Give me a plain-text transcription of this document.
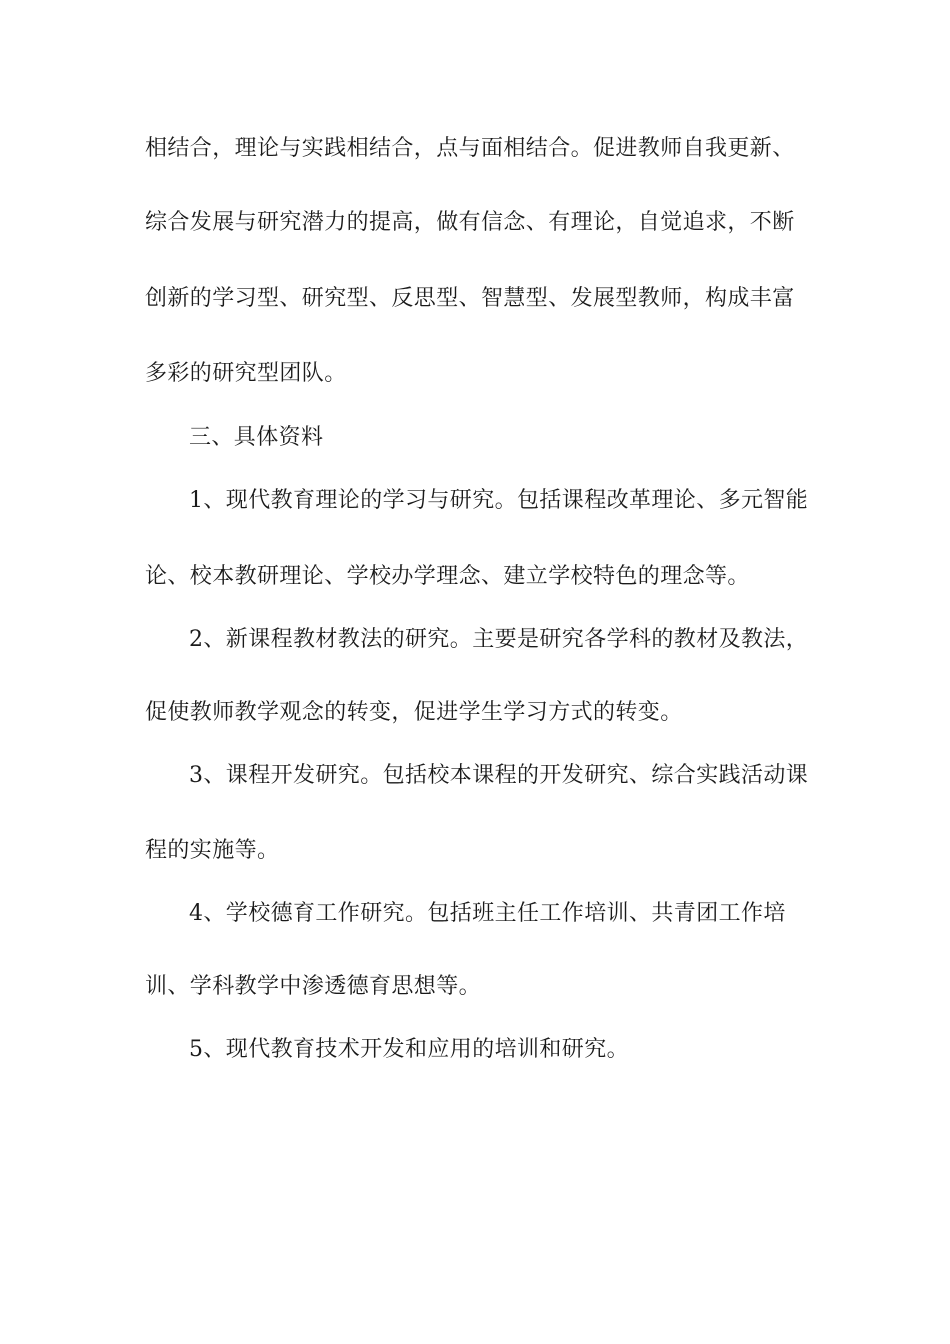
相结合，理论与实践相结合，点与面相结合。促进教师自我更新、
综合发展与研究潜力的提高，做有信念、有理论，自觉追求，不断
创新的学习型、研究型、反思型、智慧型、发展型教师，构成丰富
多彩的研究型团队。
三、具体资料
1、现代教育理论的学习与研究。包括课程改革理论、多元智能
论、校本教研理论、学校办学理念、建立学校特色的理念等。
2、新课程教材教法的研究。主要是研究各学科的教材及教法，
促使教师教学观念的转变，促进学生学习方式的转变。
3、课程开发研究。包括校本课程的开发研究、综合实践活动课
程的实施等。
4、学校德育工作研究。包括班主任工作培训、共青团工作培
训、学科教学中渗透德育思想等。
5、现代教育技术开发和应用的培训和研究。
